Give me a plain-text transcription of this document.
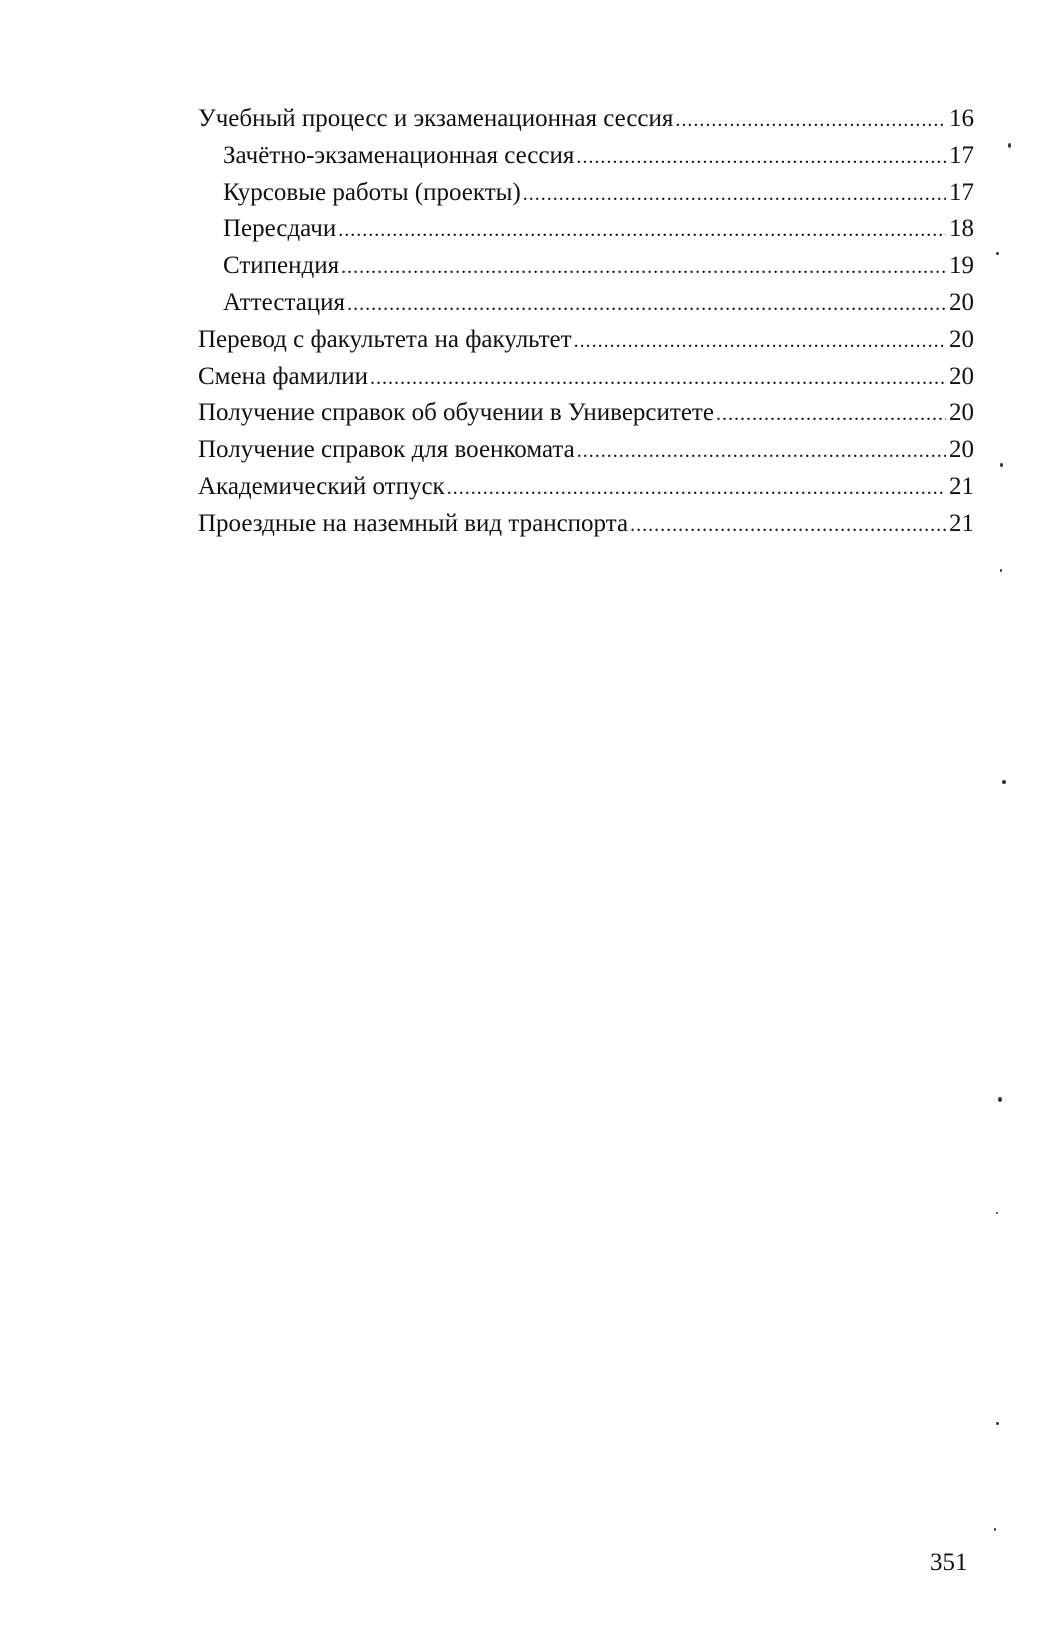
Учебный процесс и экзаменационная сессия .....	16
Зачётно-экзаменационная сессия .....	17
Курсовые работы (проекты) .....	17
Пересдачи .....	18
Стипендия .....	19
Аттестация .....	20
Перевод с факультета на факультет .....	20
Смена фамилии .....	20
Получение справок об обучении в Университете .....	20
Получение справок для военкомата .....	20
Академический отпуск .....	21
Проездные на наземный вид транспорта .....	21
351
